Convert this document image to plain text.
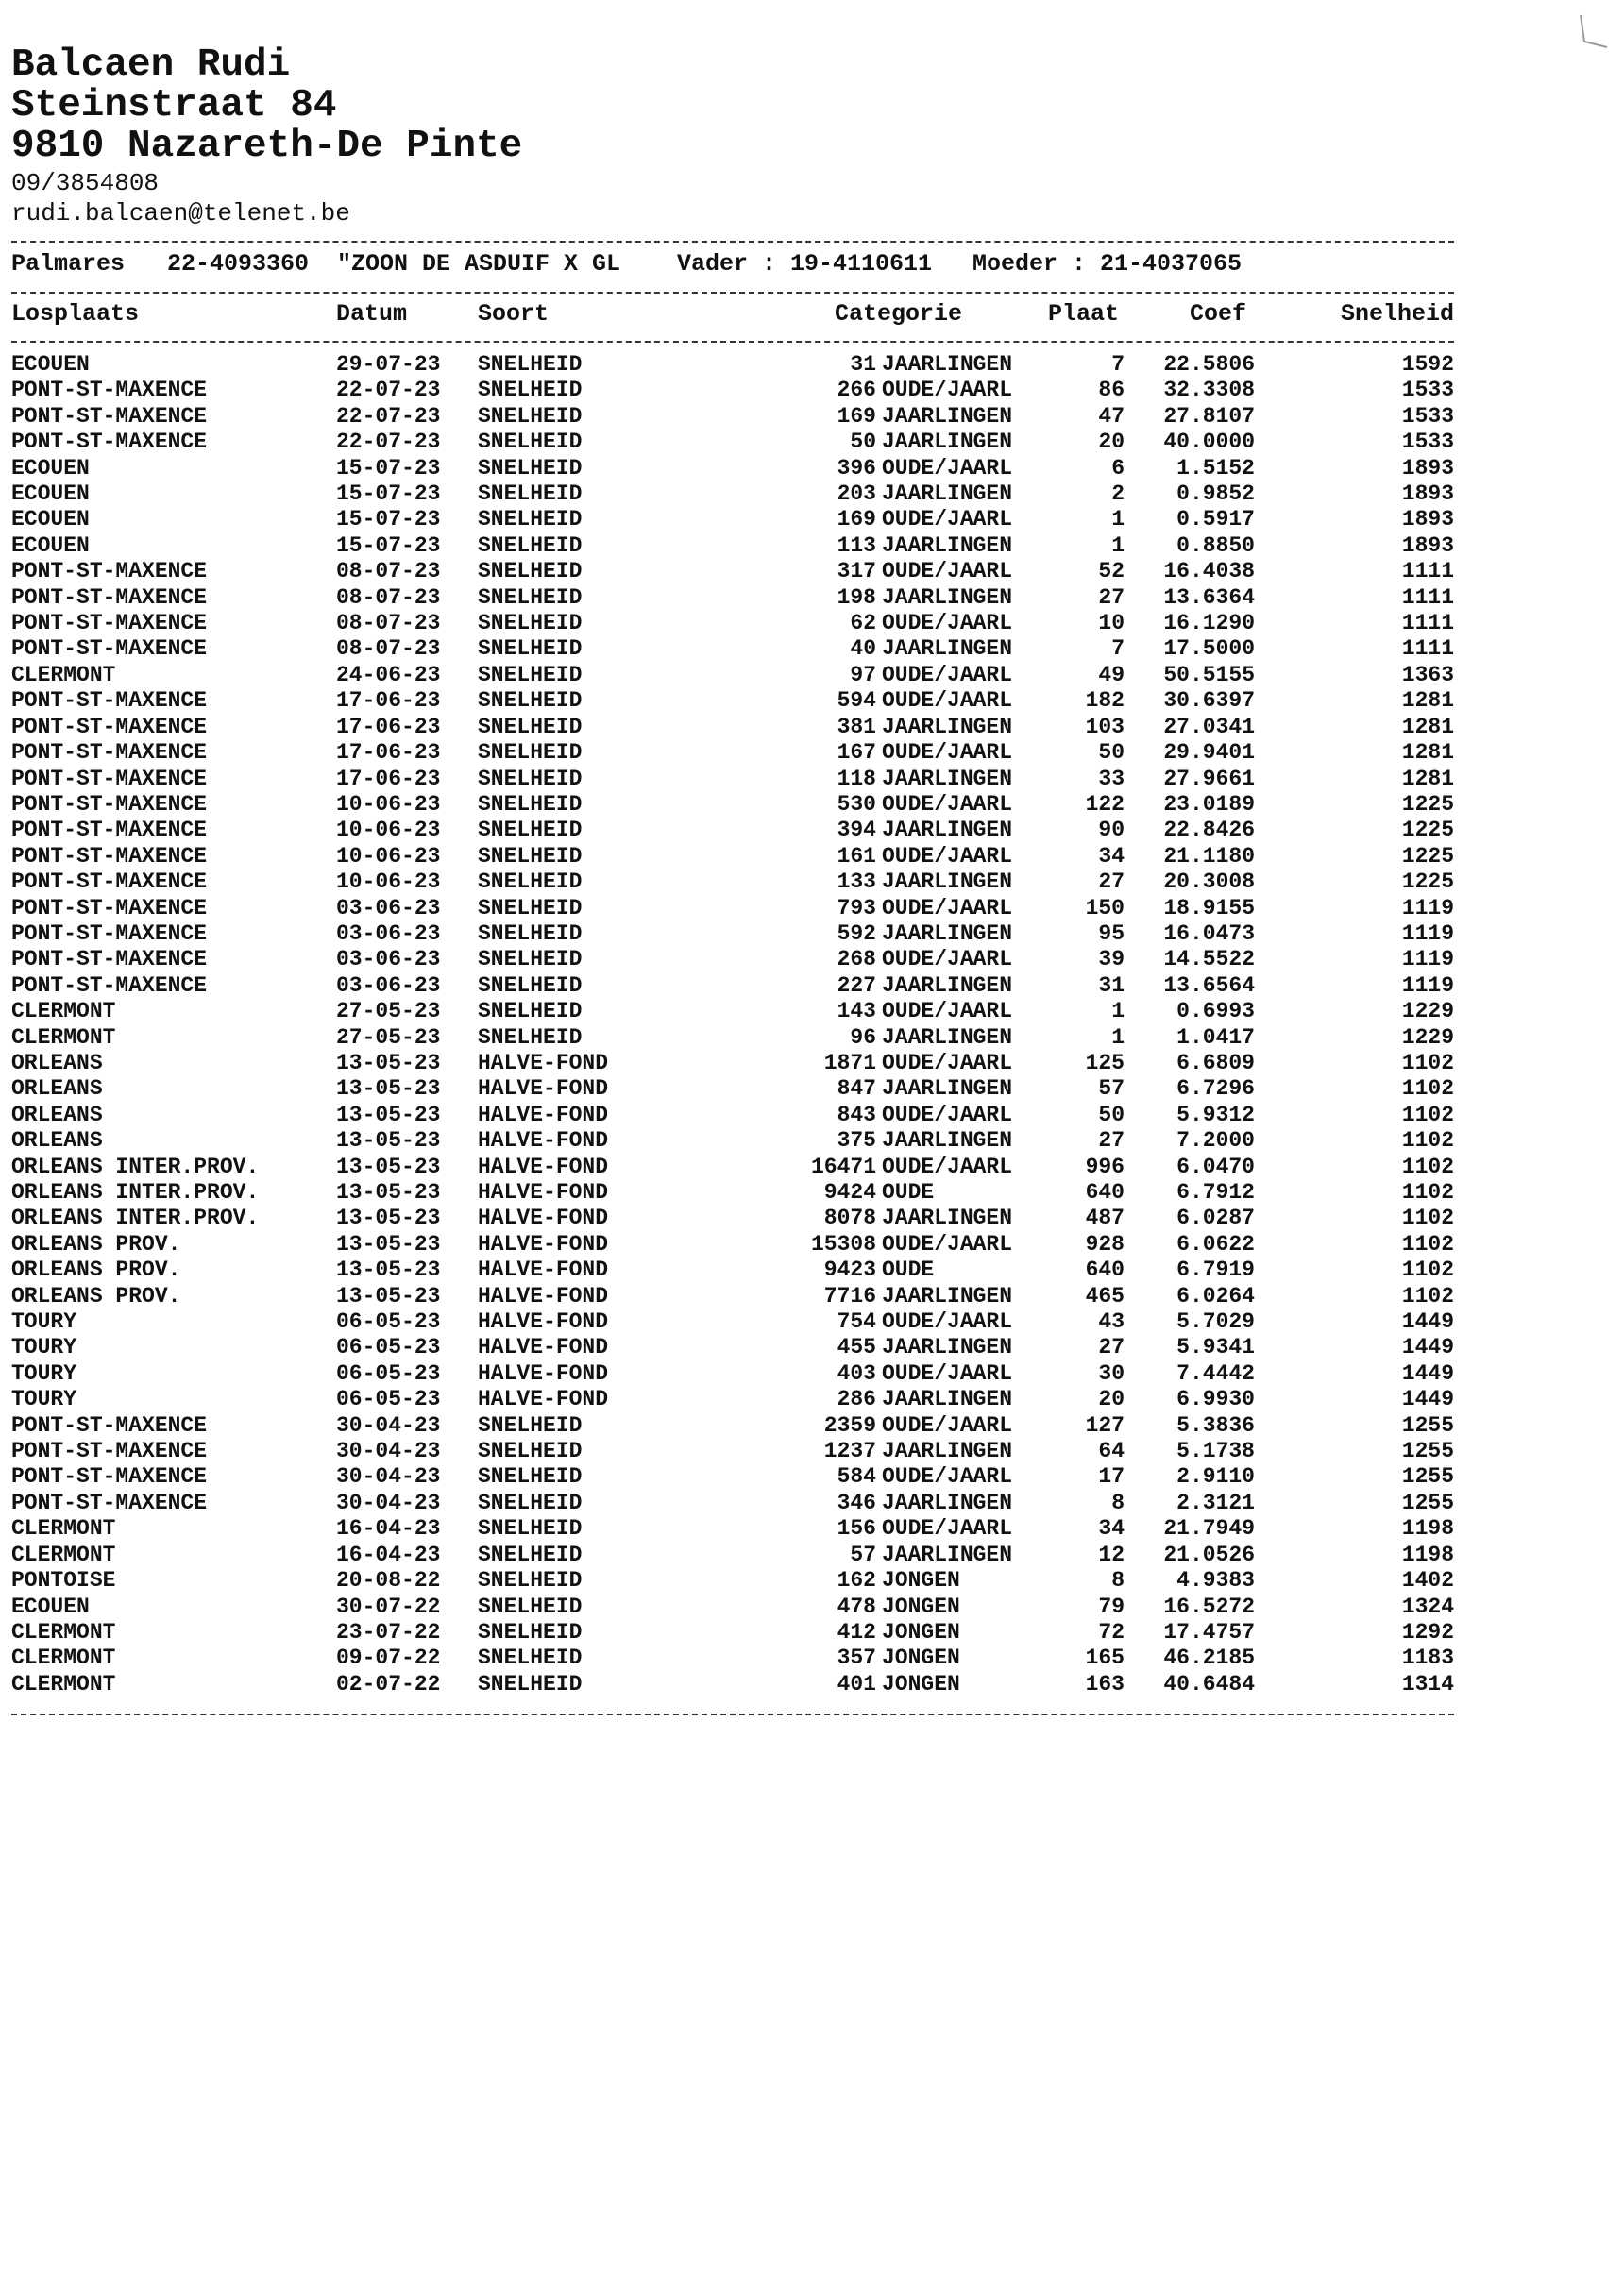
Balcaen Rudi
Steinstraat 84
9810 Nazareth-De Pinte
09/3854808
rudi.balcaen@telenet.be
Palmares 22-4093360 "ZOON DE ASDUIF X GL Vader : 19-4110611 Moeder : 21-4037065
Losplaats	Datum	Soort	Categorie	Plaat	Coef	Snelheid
ECOUEN	29-07-23 SNELHEID	31 JAARLINGEN	7 22.5806	1592
PONT-ST-MAXENCE	22-07-23 SNELHEID	266 OUDE/JAARL	86 32.3308	1533
PONT-ST-MAXENCE	22-07-23 SNELHEID	169 JAARLINGEN	47 27.8107	1533
PONT-ST-MAXENCE	22-07-23 SNELHEID	50 JAARLINGEN	20 40.0000	1533
ECOUEN	15-07-23 SNELHEID	396 OUDE/JAARL	6 1.5152	1893
ECOUEN	15-07-23 SNELHEID	203 JAARLINGEN	2 0.9852	1893
ECOUEN	15-07-23 SNELHEID	169 OUDE/JAARL	1 0.5917	1893
ECOUEN	15-07-23 SNELHEID	113 JAARLINGEN	1 0.8850	1893
PONT-ST-MAXENCE	08-07-23 SNELHEID	317 OUDE/JAARL	52 16.4038	1111
PONT-ST-MAXENCE	08-07-23 SNELHEID	198 JAARLINGEN	27 13.6364	1111
PONT-ST-MAXENCE	08-07-23 SNELHEID	62 OUDE/JAARL	10 16.1290	1111
PONT-ST-MAXENCE	08-07-23 SNELHEID	40 JAARLINGEN	7 17.5000	1111
CLERMONT	24-06-23 SNELHEID	97 OUDE/JAARL	49 50.5155	1363
PONT-ST-MAXENCE	17-06-23 SNELHEID	594 OUDE/JAARL	182 30.6397	1281
PONT-ST-MAXENCE	17-06-23 SNELHEID	381 JAARLINGEN	103 27.0341	1281
PONT-ST-MAXENCE	17-06-23 SNELHEID	167 OUDE/JAARL	50 29.9401	1281
PONT-ST-MAXENCE	17-06-23 SNELHEID	118 JAARLINGEN	33 27.9661	1281
PONT-ST-MAXENCE	10-06-23 SNELHEID	530 OUDE/JAARL	122 23.0189	1225
PONT-ST-MAXENCE	10-06-23 SNELHEID	394 JAARLINGEN	90 22.8426	1225
PONT-ST-MAXENCE	10-06-23 SNELHEID	161 OUDE/JAARL	34 21.1180	1225
PONT-ST-MAXENCE	10-06-23 SNELHEID	133 JAARLINGEN	27 20.3008	1225
PONT-ST-MAXENCE	03-06-23 SNELHEID	793 OUDE/JAARL	150 18.9155	1119
PONT-ST-MAXENCE	03-06-23 SNELHEID	592 JAARLINGEN	95 16.0473	1119
PONT-ST-MAXENCE	03-06-23 SNELHEID	268 OUDE/JAARL	39 14.5522	1119
PONT-ST-MAXENCE	03-06-23 SNELHEID	227 JAARLINGEN	31 13.6564	1119
CLERMONT	27-05-23 SNELHEID	143 OUDE/JAARL	1 0.6993	1229
CLERMONT	27-05-23 SNELHEID	96 JAARLINGEN	1 1.0417	1229
ORLEANS	13-05-23 HALVE-FOND	1871 OUDE/JAARL	125 6.6809	1102
ORLEANS	13-05-23 HALVE-FOND	847 JAARLINGEN	57 6.7296	1102
ORLEANS	13-05-23 HALVE-FOND	843 OUDE/JAARL	50 5.9312	1102
ORLEANS	13-05-23 HALVE-FOND	375 JAARLINGEN	27 7.2000	1102
ORLEANS INTER.PROV.	13-05-23 HALVE-FOND	16471 OUDE/JAARL	996 6.0470	1102
ORLEANS INTER.PROV.	13-05-23 HALVE-FOND	9424 OUDE	640 6.7912	1102
ORLEANS INTER.PROV.	13-05-23 HALVE-FOND	8078 JAARLINGEN	487 6.0287	1102
ORLEANS PROV.	13-05-23 HALVE-FOND	15308 OUDE/JAARL	928 6.0622	1102
ORLEANS PROV.	13-05-23 HALVE-FOND	9423 OUDE	640 6.7919	1102
ORLEANS PROV.	13-05-23 HALVE-FOND	7716 JAARLINGEN	465 6.0264	1102
TOURY	06-05-23 HALVE-FOND	754 OUDE/JAARL	43 5.7029	1449
TOURY	06-05-23 HALVE-FOND	455 JAARLINGEN	27 5.9341	1449
TOURY	06-05-23 HALVE-FOND	403 OUDE/JAARL	30 7.4442	1449
TOURY	06-05-23 HALVE-FOND	286 JAARLINGEN	20 6.9930	1449
PONT-ST-MAXENCE	30-04-23 SNELHEID	2359 OUDE/JAARL	127 5.3836	1255
PONT-ST-MAXENCE	30-04-23 SNELHEID	1237 JAARLINGEN	64 5.1738	1255
PONT-ST-MAXENCE	30-04-23 SNELHEID	584 OUDE/JAARL	17 2.9110	1255
PONT-ST-MAXENCE	30-04-23 SNELHEID	346 JAARLINGEN	8 2.3121	1255
CLERMONT	16-04-23 SNELHEID	156 OUDE/JAARL	34 21.7949	1198
CLERMONT	16-04-23 SNELHEID	57 JAARLINGEN	12 21.0526	1198
PONTOISE	20-08-22 SNELHEID	162 JONGEN	8 4.9383	1402
ECOUEN	30-07-22 SNELHEID	478 JONGEN	79 16.5272	1324
CLERMONT	23-07-22 SNELHEID	412 JONGEN	72 17.4757	1292
CLERMONT	09-07-22 SNELHEID	357 JONGEN	165 46.2185	1183
CLERMONT	02-07-22 SNELHEID	401 JONGEN	163 40.6484	1314
